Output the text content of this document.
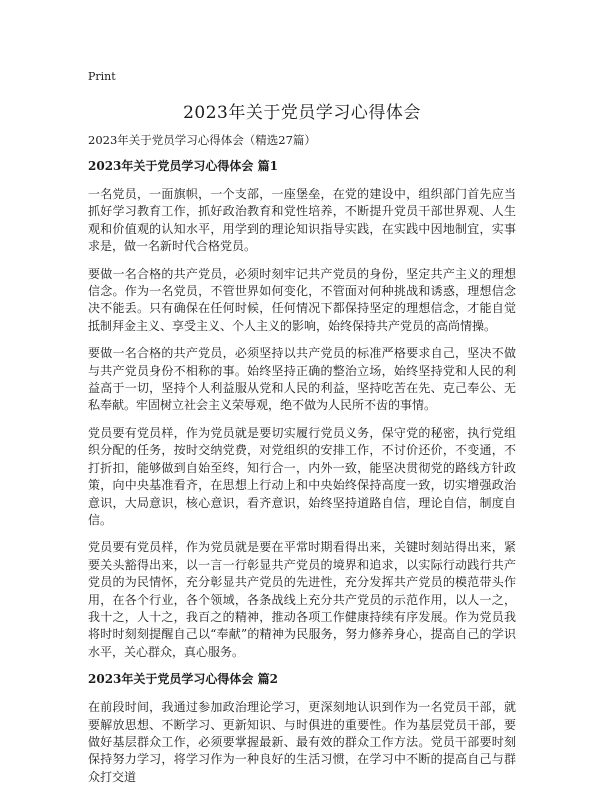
Print
2023年关于党员学习心得体会

2023年关于党员学习心得体会（精选27篇）

2023年关于党员学习心得体会 篇1

一名党员，一面旗帜，一个支部，一座堡垒，在党的建设中，组织部门首先应当抓好学习教育工作，抓好政治教育和党性培养，不断提升党员干部世界观、人生观和价值观的认知水平，用学到的理论知识指导实践，在实践中因地制宜，实事求是，做一名新时代合格党员。

要做一名合格的共产党员，必须时刻牢记共产党员的身份，坚定共产主义的理想信念。作为一名党员，不管世界如何变化，不管面对何种挑战和诱惑，理想信念决不能丢。只有确保在任何时候，任何情况下都保持坚定的理想信念，才能自觉抵制拜金主义、享受主义、个人主义的影响，始终保持共产党员的高尚情操。

要做一名合格的共产党员，必须坚持以共产党员的标准严格要求自己，坚决不做与共产党员身份不相称的事。始终坚持正确的整治立场，始终坚持党和人民的利益高于一切，坚持个人利益服从党和人民的利益，坚持吃苦在先、克己奉公、无私奉献。牢固树立社会主义荣辱观，绝不做为人民所不齿的事情。

党员要有党员样，作为党员就是要切实履行党员义务，保守党的秘密，执行党组织分配的任务，按时交纳党费，对党组织的安排工作，不讨价还价，不变通，不打折扣，能够做到自始至终，知行合一，内外一致，能坚决贯彻党的路线方针政策，向中央基准看齐，在思想上行动上和中央始终保持高度一致，切实增强政治意识，大局意识，核心意识，看齐意识，始终坚持道路自信，理论自信，制度自信。

党员要有党员样，作为党员就是要在平常时期看得出来，关键时刻站得出来，紧要关头豁得出来，以一言一行彰显共产党员的境界和追求，以实际行动践行共产党员的为民情怀，充分彰显共产党员的先进性，充分发挥共产党员的模范带头作用，在各个行业，各个领域，各条战线上充分共产党员的示范作用，以人一之，我十之，人十之，我百之的精神，推动各项工作健康持续有序发展。作为党员我将时时刻刻提醒自己以“奉献”的精神为民服务，努力修养身心，提高自己的学识水平，关心群众，真心服务。

2023年关于党员学习心得体会 篇2

在前段时间，我通过参加政治理论学习，更深刻地认识到作为一名党员干部，就要解放思想、不断学习、更新知识、与时俱进的重要性。作为基层党员干部，要做好基层群众工作，必须要掌握最新、最有效的群众工作方法。党员干部要时刻保持努力学习，将学习作为一种良好的生活习惯，在学习中不断的提高自己与群众打交道
